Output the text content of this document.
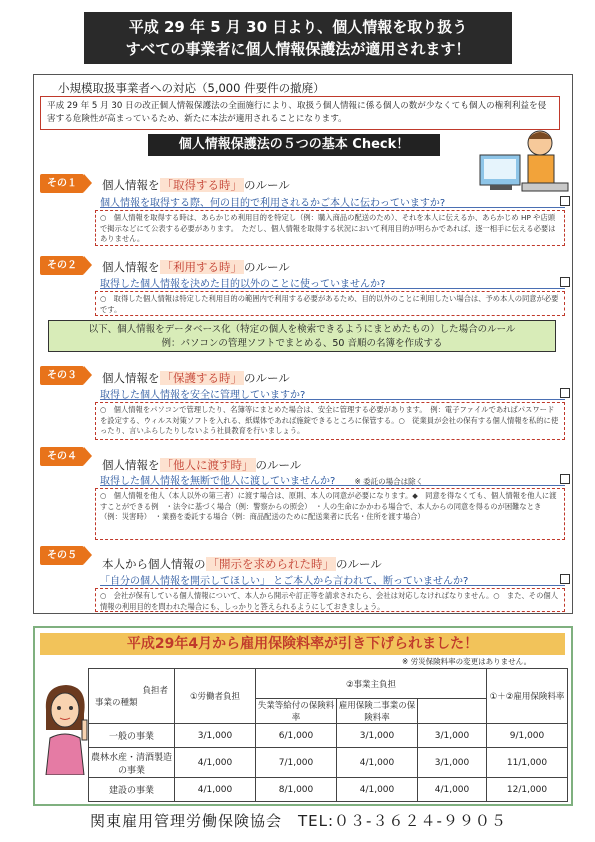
平成 29 年 5 月 30 日より、個人情報を取り扱う
すべての事業者に個人情報保護法が適用されます！
小規模取扱事業者への対応（5,000 件要件の撤廃）
平成 29 年 5 月 30 日の改正個人情報保護法の全面施行により、取扱う個人情報に係る個人の数が少なくても個人の権利利益を侵害する危険性が高まっているため、新たに本法が適用されることになります。
個人情報保護法の５つの基本 Check！
その１	個人情報を 「取得する時」 のルール
個人情報を取得する際、何の目的で利用されるかご本人に伝わっていますか?
○　個人情報を取得する時は、あらかじめ利用目的を特定し（例：購入商品の配送のため）、それを本人に伝えるか、あらかじめ HP や店頭で掲示などにて公表する必要があります。　ただし、個人情報を取得する状況において利用目的が明らかであれば、逐一相手に伝える必要はありません。
その２	個人情報を 「利用する時」 のルール
取得した個人情報を決めた目的以外のことに使っていませんか?
○　取得した個人情報は特定した利用目的の範囲内で利用する必要があるため、目的以外のことに利用したい場合は、予め本人の同意が必要です。
以下、個人情報をデータベース化（特定の個人を検索できるようにまとめたもの）した場合のルール
例：パソコンの管理ソフトでまとめる、50 音順の名簿を作成する
その３	個人情報を 「保護する時」 のルール
取得した個人情報を安全に管理していますか?
○　個人情報をパソコンで管理したり、名簿等にまとめた場合は、安全に管理する必要があります。　例：電子ファイルであればパスワードを設定する、ウィルス対策ソフトを入れる、紙媒体であれば施錠できるところに保管する。○　従業員が会社の保有する個人情報を私的に使ったり、言いふらしたりしないよう社員教育を行いましょう。
その４
個人情報を 「他人に渡す時」 のルール
取得した個人情報を無断で他人に渡していませんか?	※ 委託の場合は除く
○　個人情報を他人（本人以外の第三者）に渡す場合は、原則、本人の同意が必要になります。◆　同意を得なくても、個人情報を他人に渡すことができる例　・法令に基づく場合（例：警察からの照会）　・人の生命にかかわる場合で、本人からの同意を得るのが困難なとき（例：災害時）　・業務を委託する場合（例：商品配送のために配送業者に氏名・住所を渡す場合）
その５
本人から個人情報の 「開示を求められた時」 のルール
「自分の個人情報を開示してほしい」 とご本人から言われて、断っていませんか?
○　会社が保有している個人情報について、本人から開示や訂正等を請求されたら、会社は対応しなければなりません。○　また、その個人情報の利用目的を問われた場合にも、しっかりと答えられるようにしておきましょう。
平成29年4月から雇用保険料率が引き下げられました！
※ 労災保険料率の変更はありません。
負担者
事業の種類	①労働者負担	②事業主負担			①＋②雇用保険料率
		失業等給付の保険料率	雇用保険二事業の保険料率	
一般の事業	3/1,000	6/1,000	3/1,000	3/1,000	9/1,000
農林水産・清酒製造の事業	4/1,000	7/1,000	4/1,000	3/1,000	11/1,000
建設の事業	4/1,000	8/1,000	4/1,000	4/1,000	12/1,000
関東雇用管理労働保険協会　TEL:０３-３６２４-９９０５
